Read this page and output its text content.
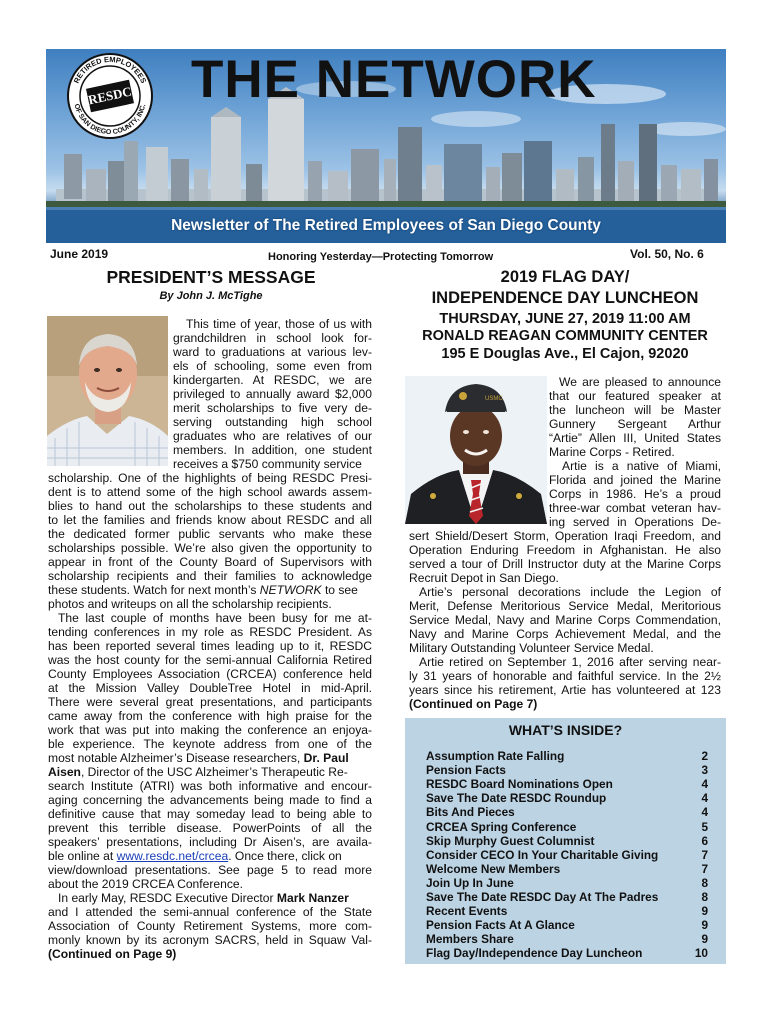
RESDC
RETIRED EMPLOYEES
OF SAN DIEGO COUNTY, INC. THE NETWORK
Newsletter of The Retired Employees of San Diego County
June 2019	Honoring Yesterday—Protecting Tomorrow	Vol. 50, No. 6
PRESIDENT’S MESSAGE
By John J. McTighe
This time of year, those of us with
grandchildren in school look for-
ward to graduations at various lev-
els of schooling, some even from
kindergarten. At RESDC, we are
privileged to annually award $2,000
merit scholarships to five very de-
serving outstanding high school
graduates who are relatives of our
members. In addition, one student
receives a $750 community service
scholarship. One of the highlights of being RESDC Presi-
dent is to attend some of the high school awards assem-
blies to hand out the scholarships to these students and
to let the families and friends know about RESDC and all
the dedicated former public servants who make these
scholarships possible. We’re also given the opportunity to
appear in front of the County Board of Supervisors with
scholarship recipients and their families to acknowledge
these students. Watch for next month’s NETWORK to see
photos and writeups on all the scholarship recipients.
The last couple of months have been busy for me at-
tending conferences in my role as RESDC President. As
has been reported several times leading up to it, RESDC
was the host county for the semi-annual California Retired
County Employees Association (CRCEA) conference held
at the Mission Valley DoubleTree Hotel in mid-April.
There were several great presentations, and participants
came away from the conference with high praise for the
work that was put into making the conference an enjoya-
ble experience. The keynote address from one of the
most notable Alzheimer’s Disease researchers, Dr. Paul
Aisen, Director of the USC Alzheimer’s Therapeutic Re-
search Institute (ATRI) was both informative and encour-
aging concerning the advancements being made to find a
definitive cause that may someday lead to being able to
prevent this terrible disease. PowerPoints of all the
speakers’ presentations, including Dr Aisen’s, are availa-
ble online at www.resdc.net/crcea. Once there, click on
view/download presentations. See page 5 to read more
about the 2019 CRCEA Conference.
In early May, RESDC Executive Director Mark Nanzer
and I attended the semi-annual conference of the State
Association of County Retirement Systems, more com-
monly known by its acronym SACRS, held in Squaw Val-
(Continued on Page 9)
2019 FLAG DAY/
INDEPENDENCE DAY LUNCHEON
THURSDAY, JUNE 27, 2019 11:00 AM
RONALD REAGAN COMMUNITY CENTER
195 E Douglas Ave., El Cajon, 92020
USMC
We are pleased to announce
that our featured speaker at
the luncheon will be Master
Gunnery Sergeant Arthur
“Artie” Allen III, United States
Marine Corps - Retired.
Artie is a native of Miami,
Florida and joined the Marine
Corps in 1986. He’s a proud
three-war combat veteran hav-
ing served in Operations De-
sert Shield/Desert Storm, Operation Iraqi Freedom, and
Operation Enduring Freedom in Afghanistan. He also
served a tour of Drill Instructor duty at the Marine Corps
Recruit Depot in San Diego.
Artie’s personal decorations include the Legion of
Merit, Defense Meritorious Service Medal, Meritorious
Service Medal, Navy and Marine Corps Commendation,
Navy and Marine Corps Achievement Medal, and the
Military Outstanding Volunteer Service Medal.
Artie retired on September 1, 2016 after serving near-
ly 31 years of honorable and faithful service. In the 2½
years since his retirement, Artie has volunteered at 123
(Continued on Page 7)
WHAT’S INSIDE?
Assumption Rate Falling	2
Pension Facts	3
RESDC Board Nominations Open	4
Save The Date RESDC Roundup	4
Bits And Pieces	4
CRCEA Spring Conference	5
Skip Murphy Guest Columnist	6
Consider CECO In Your Charitable Giving	7
Welcome New Members	7
Join Up In June	8
Save The Date RESDC Day At The Padres	8
Recent Events	9
Pension Facts At A Glance	9
Members Share	9
Flag Day/Independence Day Luncheon	10
